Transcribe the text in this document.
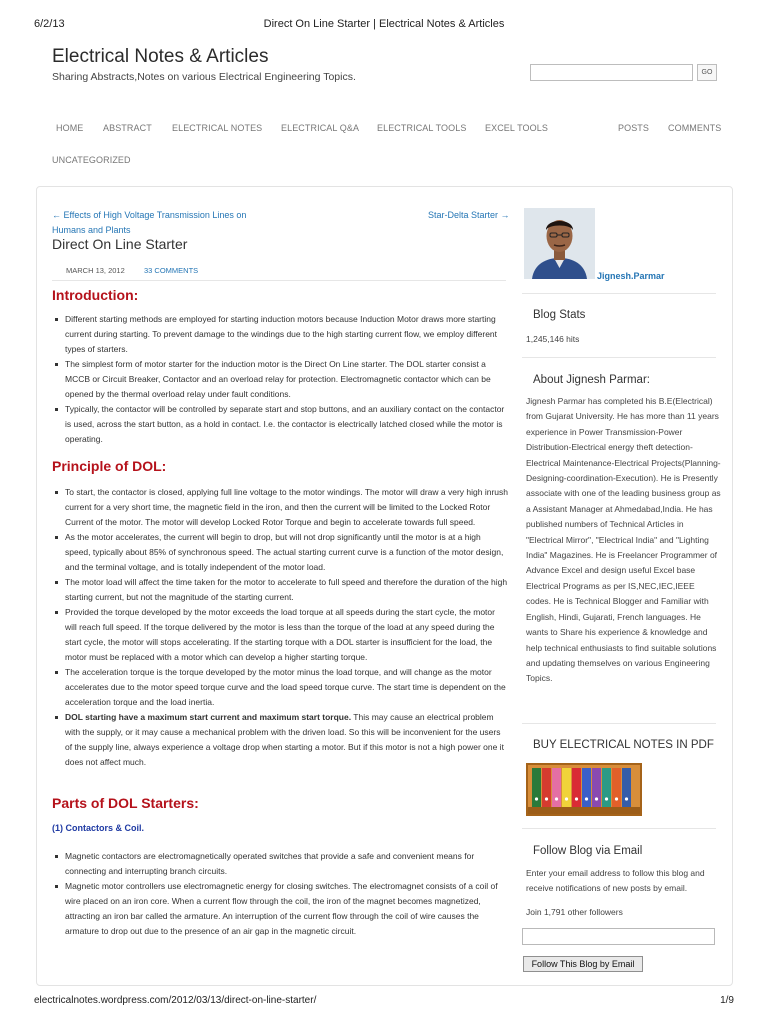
6/2/13	Direct On Line Starter | Electrical Notes & Articles
Electrical Notes & Articles
Sharing Abstracts,Notes on various Electrical Engineering Topics.	GO
HOME ABSTRACT ELECTRICAL NOTES ELECTRICAL Q&A ELECTRICAL TOOLS EXCEL TOOLS	POSTS COMMENTS
UNCATEGORIZED
← Effects of High Voltage Transmission Lines on Humans and Plants
Star-Delta Starter →
Direct On Line Starter
MARCH 13, 2012	33 COMMENTS
Introduction:
Different starting methods are employed for starting induction motors because Induction Motor draws more starting current during starting. To prevent damage to the windings due to the high starting current flow, we employ different types of starters.
The simplest form of motor starter for the induction motor is the Direct On Line starter. The DOL starter consist a MCCB or Circuit Breaker, Contactor and an overload relay for protection. Electromagnetic contactor which can be opened by the thermal overload relay under fault conditions.
Typically, the contactor will be controlled by separate start and stop buttons, and an auxiliary contact on the contactor is used, across the start button, as a hold in contact. I.e. the contactor is electrically latched closed while the motor is operating.
Principle of DOL:
To start, the contactor is closed, applying full line voltage to the motor windings. The motor will draw a very high inrush current for a very short time, the magnetic field in the iron, and then the current will be limited to the Locked Rotor Current of the motor. The motor will develop Locked Rotor Torque and begin to accelerate towards full speed.
As the motor accelerates, the current will begin to drop, but will not drop significantly until the motor is at a high speed, typically about 85% of synchronous speed. The actual starting current curve is a function of the motor design, and the terminal voltage, and is totally independent of the motor load.
The motor load will affect the time taken for the motor to accelerate to full speed and therefore the duration of the high starting current, but not the magnitude of the starting current.
Provided the torque developed by the motor exceeds the load torque at all speeds during the start cycle, the motor will reach full speed. If the torque delivered by the motor is less than the torque of the load at any speed during the start cycle, the motor will stops accelerating. If the starting torque with a DOL starter is insufficient for the load, the motor must be replaced with a motor which can develop a higher starting torque.
The acceleration torque is the torque developed by the motor minus the load torque, and will change as the motor accelerates due to the motor speed torque curve and the load speed torque curve. The start time is dependent on the acceleration torque and the load inertia.
DOL starting have a maximum start current and maximum start torque. This may cause an electrical problem with the supply, or it may cause a mechanical problem with the driven load. So this will be inconvenient for the users of the supply line, always experience a voltage drop when starting a motor. But if this motor is not a high power one it does not affect much.
Parts of DOL Starters:
(1) Contactors & Coil.
Magnetic contactors are electromagnetically operated switches that provide a safe and convenient means for connecting and interrupting branch circuits.
Magnetic motor controllers use electromagnetic energy for closing switches. The electromagnet consists of a coil of wire placed on an iron core. When a current flow through the coil, the iron of the magnet becomes magnetized, attracting an iron bar called the armature. An interruption of the current flow through the coil of wire causes the armature to drop out due to the presence of an air gap in the magnetic circuit.
Jignesh.Parmar
Blog Stats
1,245,146 hits
About Jignesh Parmar:
Jignesh Parmar has completed his B.E(Electrical) from Gujarat University. He has more than 11 years experience in Power Transmission-Power Distribution-Electrical energy theft detection-Electrical Maintenance-Electrical Projects(Planning-Designing-coordination-Execution). He is Presently associate with one of the leading business group as a Assistant Manager at Ahmedabad,India. He has published numbers of Technical Articles in "Electrical Mirror", "Electrical India" and "Lighting India" Magazines. He is Freelancer Programmer of Advance Excel and design useful Excel base Electrical Programs as per IS,NEC,IEC,IEEE codes. He is Technical Blogger and Familiar with English, Hindi, Gujarati, French languages. He wants to Share his experience & knowledge and help technical enthusiasts to find suitable solutions and updating themselves on various Engineering Topics.
BUY ELECTRICAL NOTES IN PDF
Follow Blog via Email
Enter your email address to follow this blog and receive notifications of new posts by email.
Join 1,791 other followers
Follow This Blog by Email
electricalnotes.wordpress.com/2012/03/13/direct-on-line-starter/	1/9
